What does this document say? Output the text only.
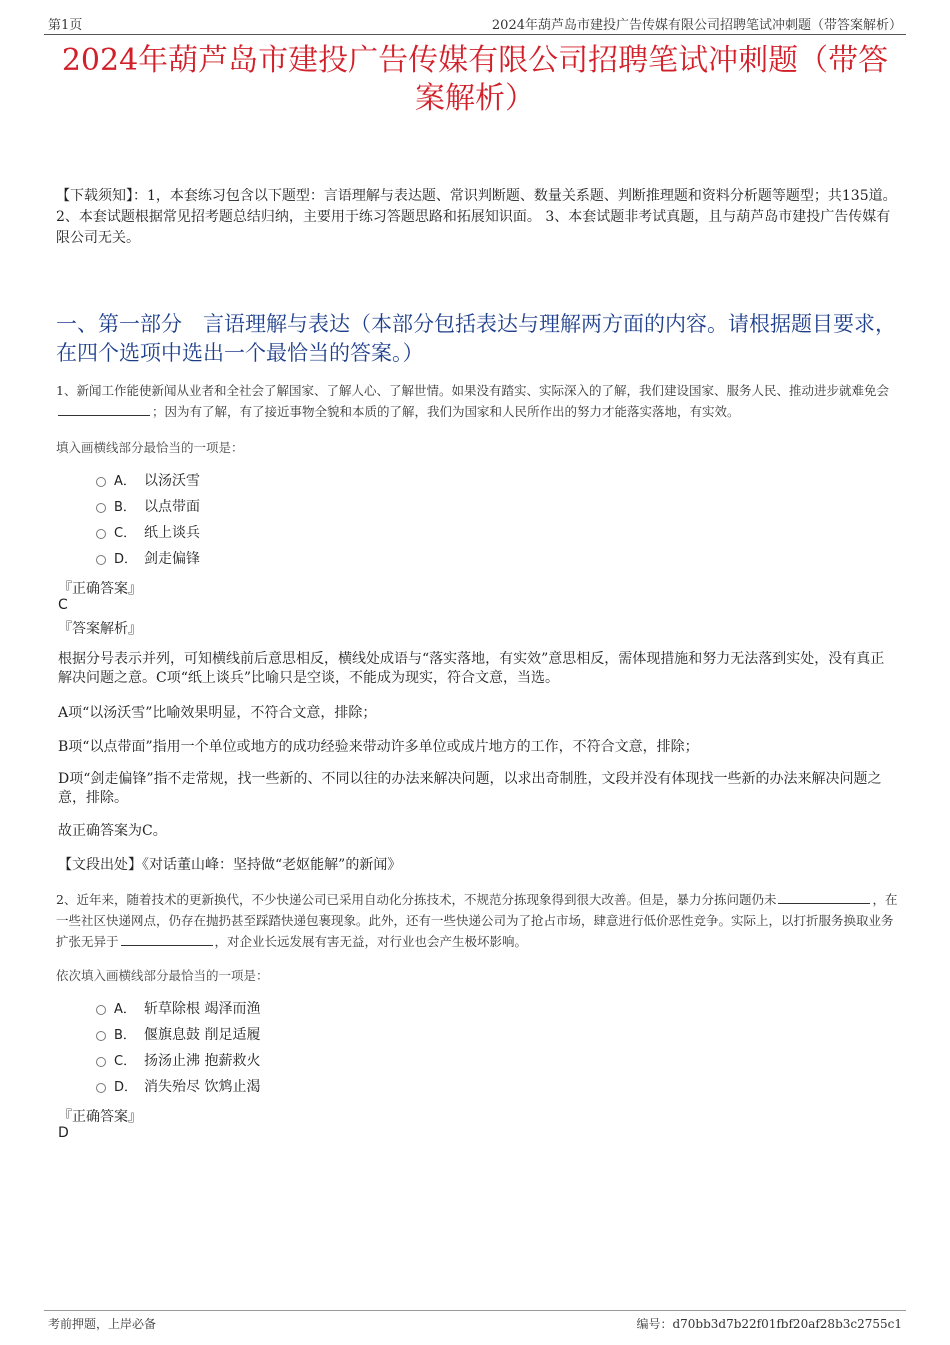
第1页	2024年葫芦岛市建投广告传媒有限公司招聘笔试冲刺题（带答案解析）
2024年葫芦岛市建投广告传媒有限公司招聘笔试冲刺题（带答案解析）
【下载须知】：1，本套练习包含以下题型：言语理解与表达题、常识判断题、数量关系题、判断推理题和资料分析题等题型；共135道。 2、本套试题根据常见招考题总结归纳，主要用于练习答题思路和拓展知识面。 3、本套试题非考试真题，且与葫芦岛市建投广告传媒有限公司无关。
一、第一部分　言语理解与表达（本部分包括表达与理解两方面的内容。请根据题目要求，在四个选项中选出一个最恰当的答案。）
1、新闻工作能使新闻从业者和全社会了解国家、了解人心、了解世情。如果没有踏实、实际深入的了解，我们建设国家、服务人民、推动进步就难免会；因为有了解，有了接近事物全貌和本质的了解，我们为国家和人民所作出的努力才能落实落地，有实效。
填入画横线部分最恰当的一项是：
A． 以汤沃雪
B． 以点带面
C． 纸上谈兵
D． 剑走偏锋
『正确答案』
C
『答案解析』
根据分号表示并列，可知横线前后意思相反，横线处成语与“落实落地，有实效”意思相反，需体现措施和努力无法落到实处，没有真正解决问题之意。C项“纸上谈兵”比喻只是空谈，不能成为现实，符合文意，当选。
A项“以汤沃雪”比喻效果明显，不符合文意，排除；
B项“以点带面”指用一个单位或地方的成功经验来带动许多单位或成片地方的工作，不符合文意，排除；
D项“剑走偏锋”指不走常规，找一些新的、不同以往的办法来解决问题，以求出奇制胜，文段并没有体现找一些新的办法来解决问题之意，排除。
故正确答案为C。
【文段出处】《对话董山峰：坚持做“老妪能解”的新闻》
2、近年来，随着技术的更新换代，不少快递公司已采用自动化分拣技术，不规范分拣现象得到很大改善。但是，暴力分拣问题仍未	，在一些社区快递网点，仍存在抛扔甚至踩踏快递包裹现象。此外，还有一些快递公司为了抢占市场，肆意进行低价恶性竞争。实际上，以打折服务换取业务扩张无异于	，对企业长远发展有害无益，对行业也会产生极坏影响。
依次填入画横线部分最恰当的一项是：
A． 斩草除根 竭泽而渔
B． 偃旗息鼓 削足适履
C． 扬汤止沸 抱薪救火
D． 消失殆尽 饮鸩止渴
『正确答案』
D
考前押题，上岸必备	编号：d70bb3d7b22f01fbf20af28b3c2755c1
